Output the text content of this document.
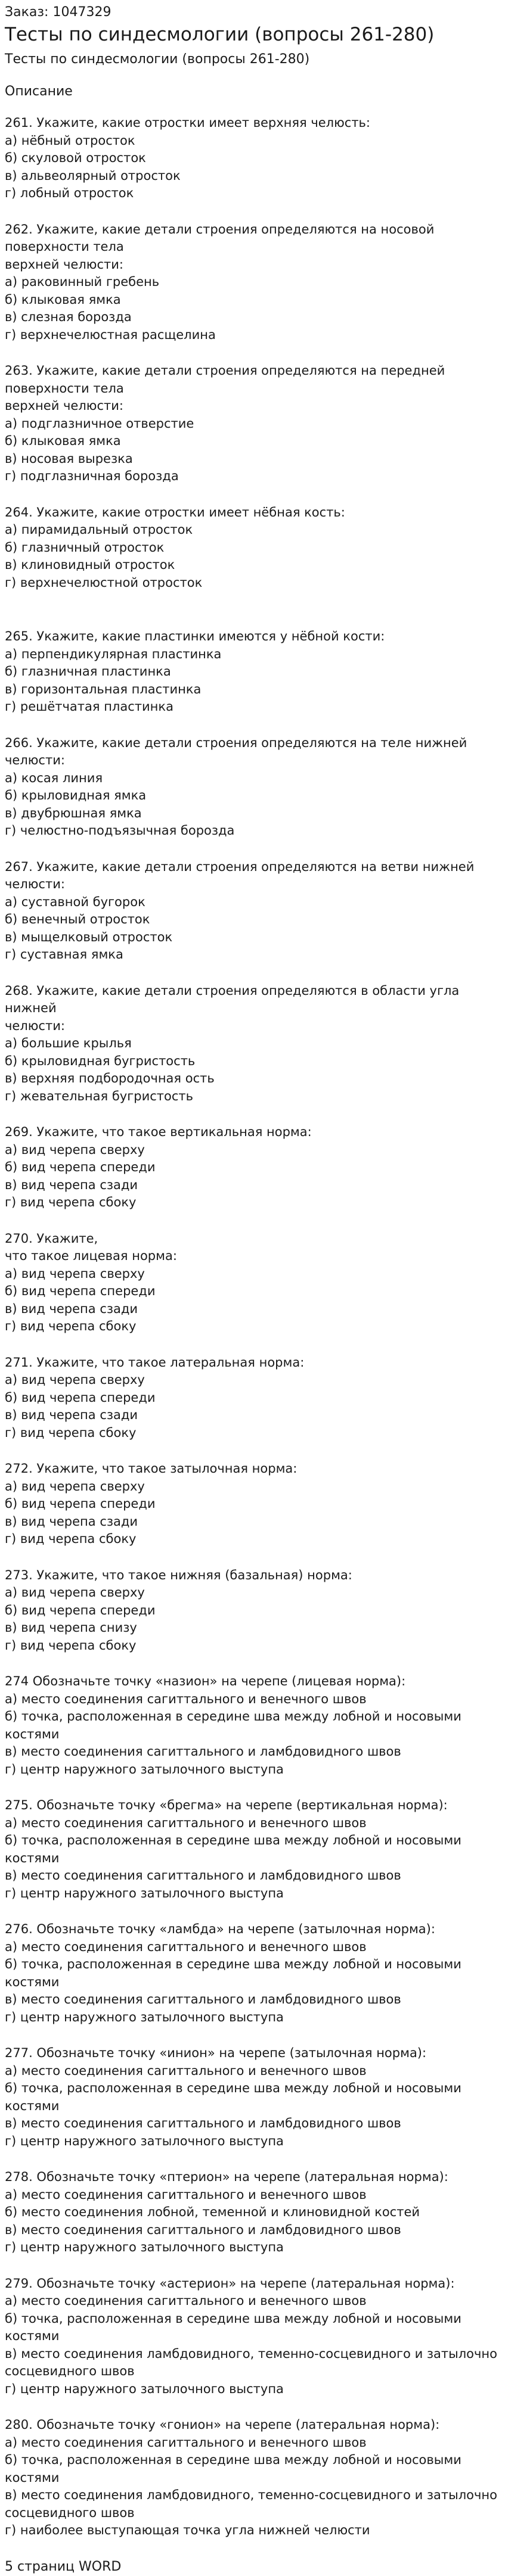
Заказ: 1047329

Тесты по синдесмологии (вопросы 261-280)

Тесты по синдесмологии (вопросы 261-280)

Описание

261. Укажите, какие отростки имеет верхняя челюсть:
а) нёбный отросток
б) скуловой отросток
в) альвеолярный отросток
г) лобный отросток
262. Укажите, какие детали строения определяются на носовой поверхности тела
верхней челюсти:
а) раковинный гребень
б) клыковая ямка
в) слезная борозда
г) верхнечелюстная расщелина
263. Укажите, какие детали строения определяются на передней поверхности тела
верхней челюсти:
а) подглазничное отверстие
б) клыковая ямка
в) носовая вырезка
г) подглазничная борозда
264. Укажите, какие отростки имеет нёбная кость:
а) пирамидальный отросток
б) глазничный отросток
в) клиновидный отросток
г) верхнечелюстной отросток
265. Укажите, какие пластинки имеются у нёбной кости:
а) перпендикулярная пластинка
б) глазничная пластинка
в) горизонтальная пластинка
г) решётчатая пластинка
266. Укажите, какие детали строения определяются на теле нижней челюсти:
а) косая линия
б) крыловидная ямка
в) двубрюшная ямка
г) челюстно-подъязычная борозда
267. Укажите, какие детали строения определяются на ветви нижней челюсти:
а) суставной бугорок
б) венечный отросток
в) мыщелковый отросток
г) суставная ямка
268. Укажите, какие детали строения определяются в области угла нижней
челюсти:
а) большие крылья
б) крыловидная бугристость
в) верхняя подбородочная ость
г) жевательная бугристость
269. Укажите, что такое вертикальная норма:
а) вид черепа сверху
б) вид черепа спереди
в) вид черепа сзади
г) вид черепа сбоку
270. Укажите,
что такое лицевая норма:
а) вид черепа сверху
б) вид черепа спереди
в) вид черепа сзади
г) вид черепа сбоку
271. Укажите, что такое латеральная норма:
а) вид черепа сверху
б) вид черепа спереди
в) вид черепа сзади
г) вид черепа сбоку
272. Укажите, что такое затылочная норма:
а) вид черепа сверху
б) вид черепа спереди
в) вид черепа сзади
г) вид черепа сбоку
273. Укажите, что такое нижняя (базальная) норма:
а) вид черепа сверху
б) вид черепа спереди
в) вид черепа снизу
г) вид черепа сбоку
274 Обозначьте точку «назион» на черепе (лицевая норма):
а) место соединения сагиттального и венечного швов
б) точка, расположенная в середине шва между лобной и носовыми костями
в) место соединения сагиттального и ламбдовидного швов
г) центр наружного затылочного выступа
275. Обозначьте точку «брегма» на черепе (вертикальная норма):
а) место соединения сагиттального и венечного швов
б) точка, расположенная в середине шва между лобной и носовыми костями
в) место соединения сагиттального и ламбдовидного швов
г) центр наружного затылочного выступа
276. Обозначьте точку «ламбда» на черепе (затылочная норма):
а) место соединения сагиттального и венечного швов
б) точка, расположенная в середине шва между лобной и носовыми костями
в) место соединения сагиттального и ламбдовидного швов
г) центр наружного затылочного выступа
277. Обозначьте точку «инион» на черепе (затылочная норма):
а) место соединения сагиттального и венечного швов
б) точка, расположенная в середине шва между лобной и носовыми костями
в) место соединения сагиттального и ламбдовидного швов
г) центр наружного затылочного выступа
278. Обозначьте точку «птерион» на черепе (латеральная норма):
а) место соединения сагиттального и венечного швов
б) место соединения лобной, теменной и клиновидной костей
в) место соединения сагиттального и ламбдовидного швов
г) центр наружного затылочного выступа
279. Обозначьте точку «астерион» на черепе (латеральная норма):
а) место соединения сагиттального и венечного швов
б) точка, расположенная в середине шва между лобной и носовыми костями
в) место соединения ламбдовидного, теменно-сосцевидного и затылочно
сосцевидного швов
г) центр наружного затылочного выступа
280. Обозначьте точку «гонион» на черепе (латеральная норма):
а) место соединения сагиттального и венечного швов
б) точка, расположенная в середине шва между лобной и носовыми костями
в) место соединения ламбдовидного, теменно-сосцевидного и затылочно
сосцевидного швов
г) наиболее выступающая точка угла нижней челюсти

5 страниц WORD
